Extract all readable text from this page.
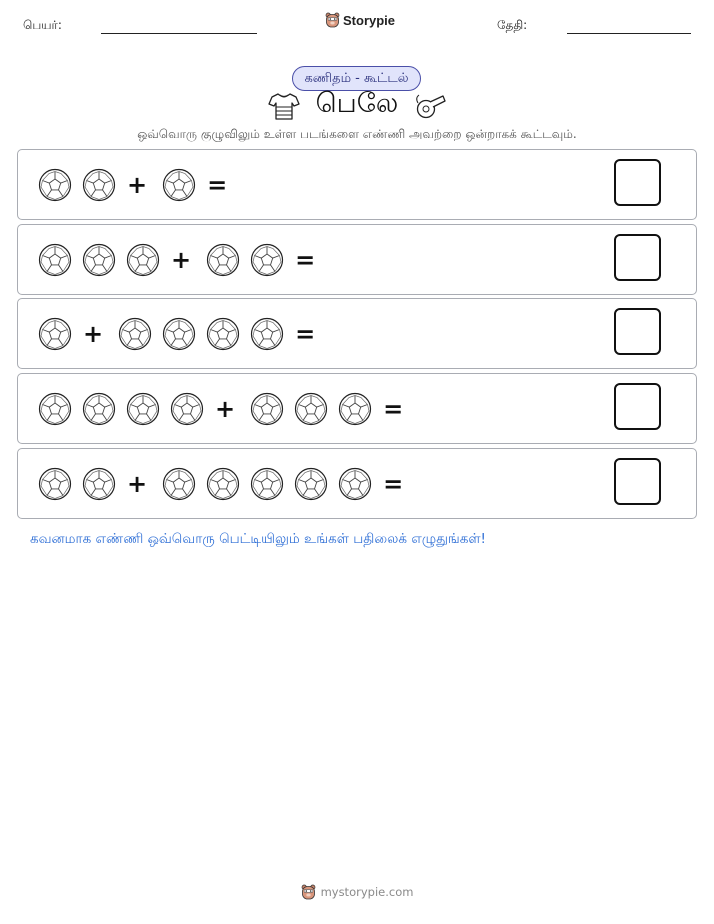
பெயர்:	Storypie	தேதி:
கணிதம் - கூட்டல்
பெலே
ஒவ்வொரு குழுவிலும் உள்ள படங்களை எண்ணி அவற்றை ஒன்றாகக் கூட்டவும்.
+	=
+	=
+	=
+	=
+	=
கவனமாக எண்ணி ஒவ்வொரு பெட்டியிலும் உங்கள் பதிலைக் எழுதுங்கள்!
mystorypie.com
